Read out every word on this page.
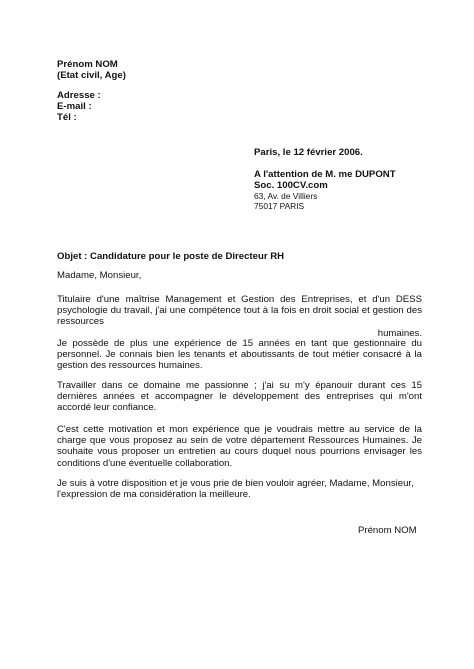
Prénom NOM
(Etat civil, Age)
Adresse :
E-mail :
Tél :
Paris, le 12 février 2006.
A l'attention de M. me DUPONT
Soc. 100CV.com
63, Av. de Villiers
75017 PARIS
Objet : Candidature pour le poste de Directeur RH
Madame, Monsieur,
Titulaire d'une maîtrise Management et Gestion des Entreprises, et d'un DESS
psychologie du travail, j'ai une compétence tout à la fois en droit social et gestion des
ressources
humaines.
Je possède de plus une expérience de 15 années en tant que gestionnaire du
personnel. Je connais bien les tenants et aboutissants de tout métier consacré à la
gestion des ressources humaines.
Travailler dans ce domaine me passionne ; j'ai su m'y épanouir durant ces 15
dernières années et accompagner le développement des entreprises qui m'ont
accordé leur confiance.
C'est cette motivation et mon expérience que je voudrais mettre au service de la
charge que vous proposez au sein de votre département Ressources Humaines. Je
souhaite vous proposer un entretien au cours duquel nous pourrions envisager les
conditions d'une éventuelle collaboration.
Je suis à votre disposition et je vous prie de bien vouloir agréer, Madame, Monsieur,
l'expression de ma considération la meilleure.
Prénom NOM
